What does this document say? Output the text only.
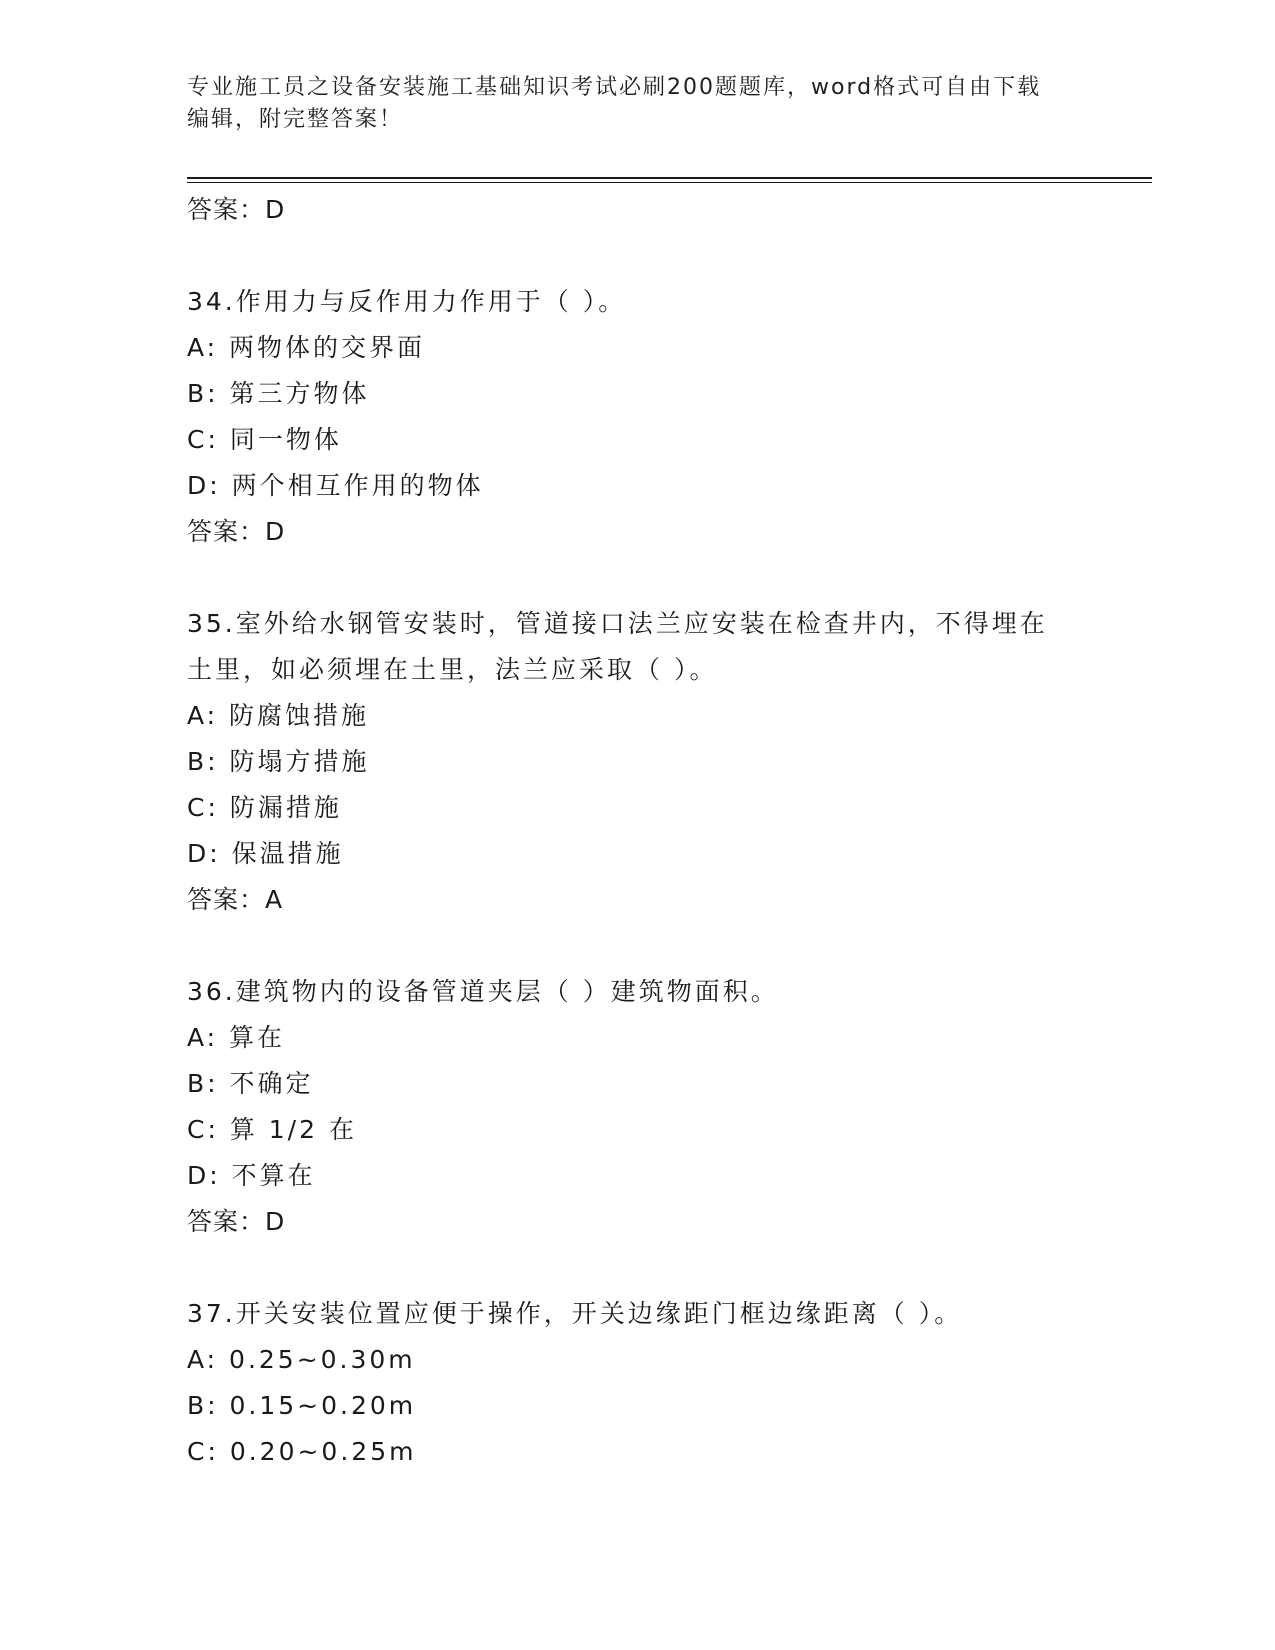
专业施工员之设备安装施工基础知识考试必刷200题题库，word格式可自由下载
编辑，附完整答案！
答案：D
34.作用力与反作用力作用于（ ）。
A: 两物体的交界面
B: 第三方物体
C: 同一物体
D: 两个相互作用的物体
答案：D
35.室外给水钢管安装时，管道接口法兰应安装在检查井内，不得埋在
土里，如必须埋在土里，法兰应采取（ ）。
A: 防腐蚀措施
B: 防塌方措施
C: 防漏措施
D: 保温措施
答案：A
36.建筑物内的设备管道夹层（ ）建筑物面积。
A: 算在
B: 不确定
C: 算 1/2 在
D: 不算在
答案：D
37.开关安装位置应便于操作，开关边缘距门框边缘距离（ ）。
A: 0.25~0.30m
B: 0.15~0.20m
C: 0.20~0.25m
